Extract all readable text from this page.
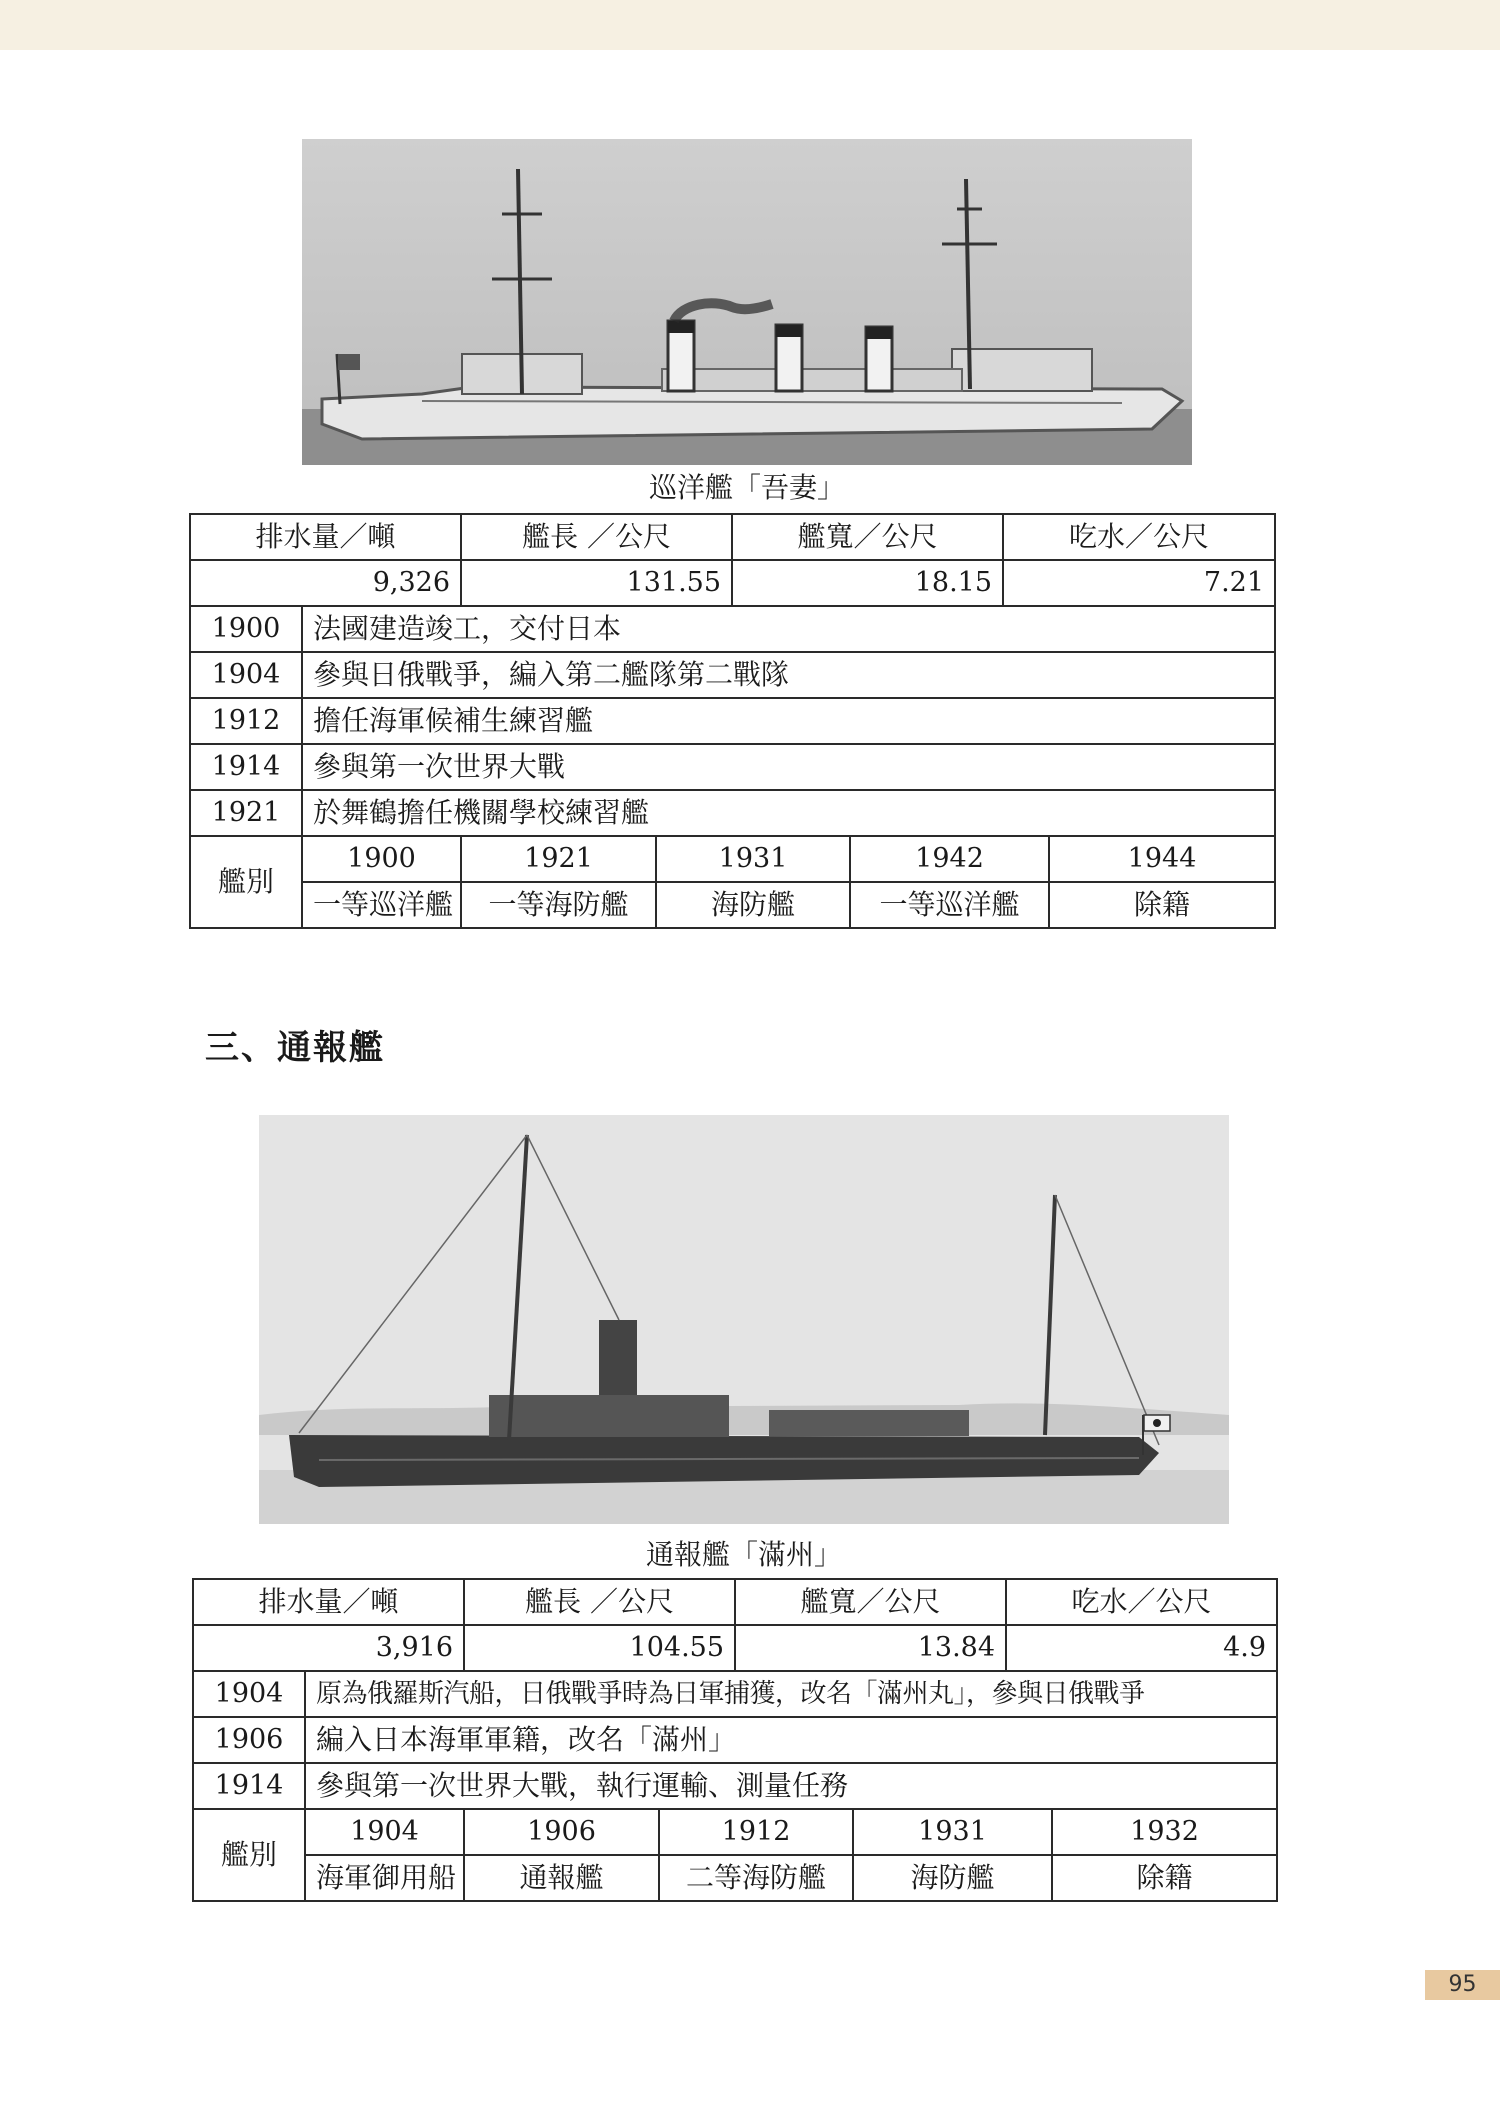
巡洋艦「吾妻」
排水量／噸		艦長 ／公尺		艦寬／公尺		吃水／公尺	
9,326		131.55		18.15		7.21	
1900	法國建造竣工，交付日本						
1904	參與日俄戰爭，編入第二艦隊第二戰隊						
1912	擔任海軍候補生練習艦						
1914	參與第一次世界大戰						
1921	於舞鶴擔任機關學校練習艦						
艦別	1900	1921	1931		1942		1944
	一等巡洋艦	一等海防艦	海防艦		一等巡洋艦		除籍
三、通報艦
通報艦「滿州」
排水量／噸		艦長 ／公尺		艦寬／公尺		吃水／公尺	
3,916		104.55		13.84		4.9	
1904	原為俄羅斯汽船，日俄戰爭時為日軍捕獲，改名「滿州丸」，參與日俄戰爭						
1906	編入日本海軍軍籍，改名「滿州」						
1914	參與第一次世界大戰，執行運輸、測量任務						
艦別	1904	1906	1912		1931		1932
	海軍御用船	通報艦	二等海防艦		海防艦		除籍
95
